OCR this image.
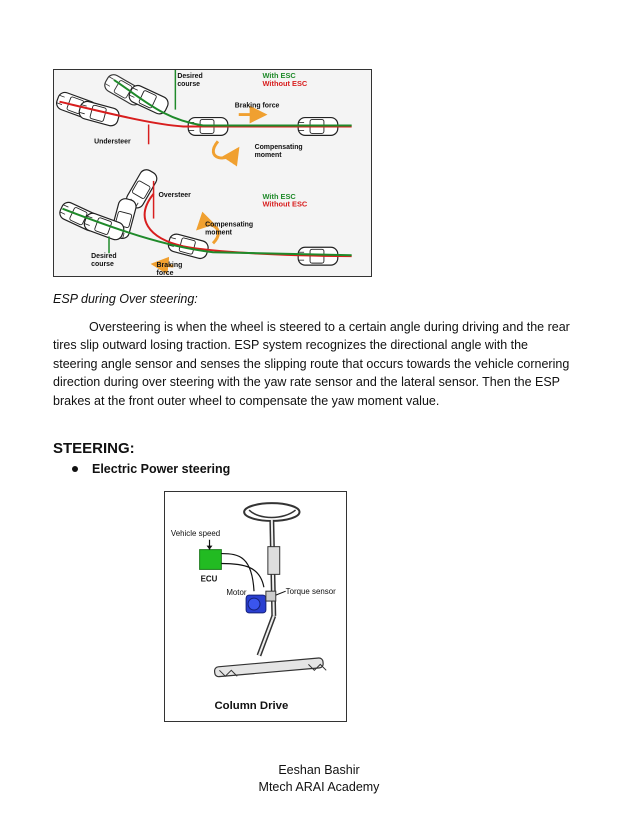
Desired course
With ESC
Without ESC
Braking force
Understeer
Compensating moment
Oversteer	With ESC
Without ESC
Compensating moment
Desired course	Braking force
ESP during Over steering:
Oversteering is when the wheel is steered to a certain angle during driving and the rear tires slip outward losing traction. ESP system recognizes the directional angle with the steering angle sensor and senses the slipping route that occurs towards the vehicle cornering direction during over steering with the yaw rate sensor and the lateral sensor. Then the ESP brakes at the front outer wheel to compensate the yaw moment value.
STEERING:
Electric Power steering
Vehicle speed
ECU
Motor	Torque sensor
Column Drive
Eeshan Bashir
Mtech ARAI Academy
